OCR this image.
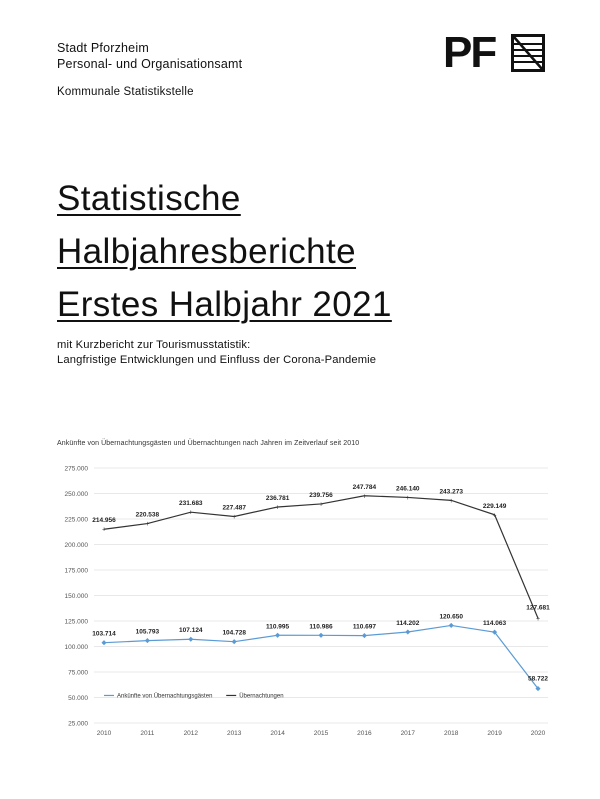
Stadt Pforzheim
Personal- und Organisationsamt
Kommunale Statistikstelle
PF
Statistische
Halbjahresberichte
Erstes Halbjahr 2021
mit Kurzbericht zur Tourismusstatistik:
Langfristige Entwicklungen und Einfluss der Corona-Pandemie
Ankünfte von Übernachtungsgästen und Übernachtungen nach Jahren im Zeitverlauf seit 2010
25.000
50.000
75.000
100.000
125.000
150.000
175.000
200.000
225.000
250.000
275.000
2010	2011	2012	2013	2014	2015	2016	2017	2018	2019	2020
103.714	105.793	107.124	104.728
110.995	110.986	110.697
114.202
120.650
114.063
58.722
+
214.956
+
220.538	+
231.683
+
227.487	+
236.781
+
239.756	+
247.784
+
246.140
+
243.273
+
229.149
+
127.681
Ankünfte von Übernachtungsgästen	Übernachtungen
